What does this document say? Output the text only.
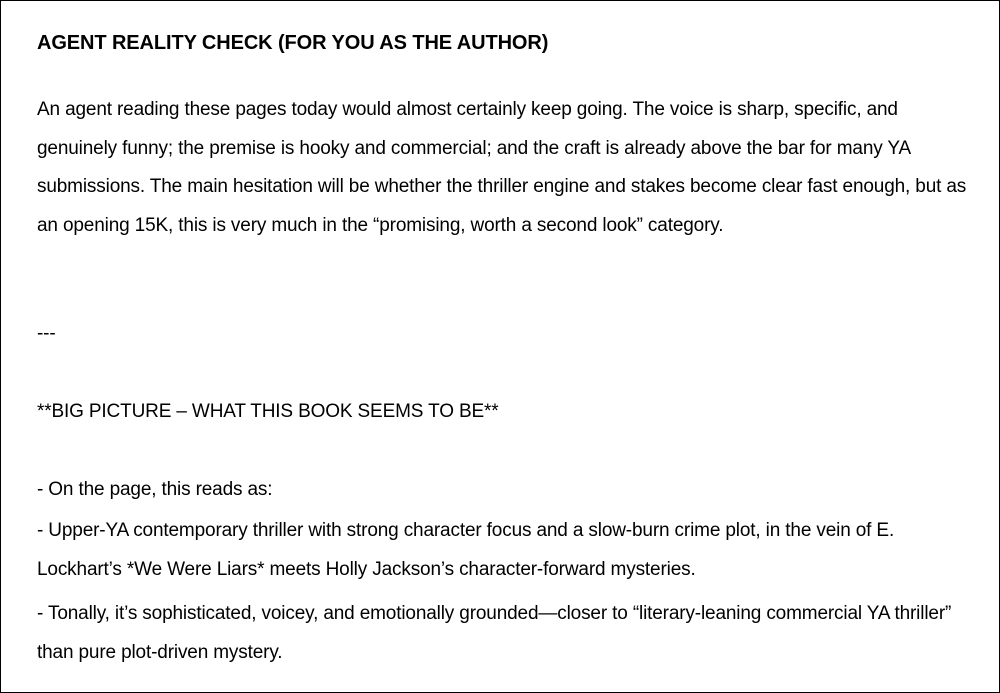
AGENT REALITY CHECK (FOR YOU AS THE AUTHOR)
An agent reading these pages today would almost certainly keep going. The voice is sharp, specific, and genuinely funny; the premise is hooky and commercial; and the craft is already above the bar for many YA submissions. The main hesitation will be whether the thriller engine and stakes become clear fast enough, but as an opening 15K, this is very much in the “promising, worth a second look” category.
---
**BIG PICTURE – WHAT THIS BOOK SEEMS TO BE**
- On the page, this reads as:
- Upper-YA contemporary thriller with strong character focus and a slow-burn crime plot, in the vein of E. Lockhart’s *We Were Liars* meets Holly Jackson’s character-forward mysteries.
- Tonally, it’s sophisticated, voicey, and emotionally grounded—closer to “literary-leaning commercial YA thriller” than pure plot-driven mystery.
